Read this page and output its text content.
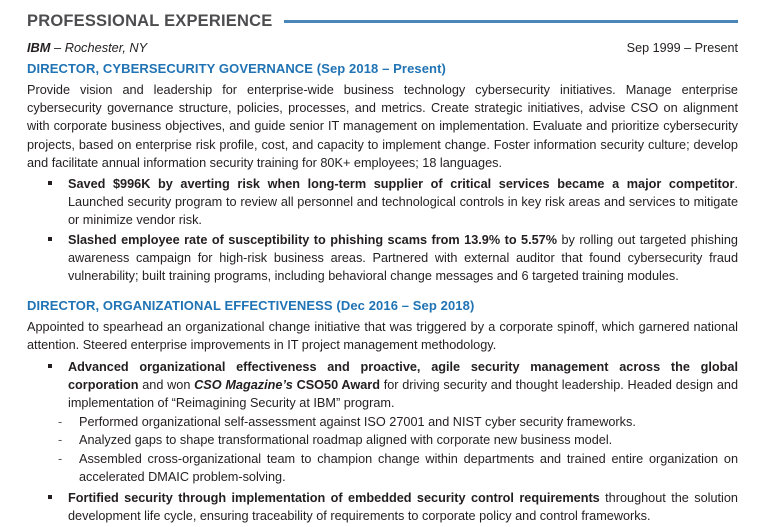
PROFESSIONAL EXPERIENCE
IBM – Rochester, NY	Sep 1999 – Present
DIRECTOR, CYBERSECURITY GOVERNANCE (Sep 2018 – Present)

Provide vision and leadership for enterprise-wide business technology cybersecurity initiatives. Manage enterprise cybersecurity governance structure, policies, processes, and metrics. Create strategic initiatives, advise CSO on alignment with corporate business objectives, and guide senior IT management on implementation. Evaluate and prioritize cybersecurity projects, based on enterprise risk profile, cost, and capacity to implement change. Foster information security culture; develop and facilitate annual information security training for 80K+ employees; 18 languages.

Saved $996K by averting risk when long-term supplier of critical services became a major competitor. Launched security program to review all personnel and technological controls in key risk areas and services to mitigate or minimize vendor risk.
Slashed employee rate of susceptibility to phishing scams from 13.9% to 5.57% by rolling out targeted phishing awareness campaign for high-risk business areas. Partnered with external auditor that found cybersecurity fraud vulnerability; built training programs, including behavioral change messages and 6 targeted training modules.
DIRECTOR, ORGANIZATIONAL EFFECTIVENESS (Dec 2016 – Sep 2018)

Appointed to spearhead an organizational change initiative that was triggered by a corporate spinoff, which garnered national attention. Steered enterprise improvements in IT project management methodology.

Advanced organizational effectiveness and proactive, agile security management across the global corporation and won CSO Magazine’s CSO50 Award for driving security and thought leadership. Headed design and implementation of “Reimagining Security at IBM” program.
- Performed organizational self-assessment against ISO 27001 and NIST cyber security frameworks.
- Analyzed gaps to shape transformational roadmap aligned with corporate new business model.
- Assembled cross-organizational team to champion change within departments and trained entire organization on accelerated DMAIC problem-solving.
Fortified security through implementation of embedded security control requirements throughout the solution development life cycle, ensuring traceability of requirements to corporate policy and control frameworks.
